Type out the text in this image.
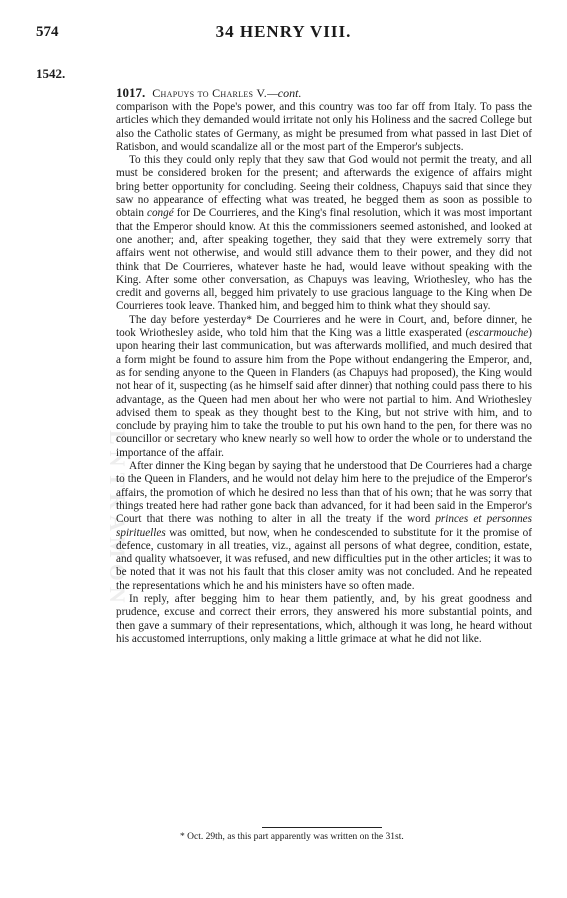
574	34 HENRY VIII.
1542.
1017. Chapuys to Charles V.—cont.
ENTRAMON

comparison with the Pope's power, and this country was too far off from Italy. To pass the articles which they demanded would irritate not only his Holiness and the sacred College but also the Catholic states of Germany, as might be presumed from what passed in last Diet of Ratisbon, and would scandalize all or the most part of the Emperor's subjects.

To this they could only reply that they saw that God would not permit the treaty, and all must be considered broken for the present; and afterwards the exigence of affairs might bring better opportunity for concluding. Seeing their coldness, Chapuys said that since they saw no appearance of effecting what was treated, he begged them as soon as possible to obtain congé for De Courrieres, and the King's final resolution, which it was most important that the Emperor should know. At this the commissioners seemed astonished, and looked at one another; and, after speaking together, they said that they were extremely sorry that affairs went not otherwise, and would still advance them to their power, and they did not think that De Courrieres, whatever haste he had, would leave without speaking with the King. After some other conversation, as Chapuys was leaving, Wriothesley, who has the credit and governs all, begged him privately to use gracious language to the King when De Courrieres took leave. Thanked him, and begged him to think what they should say.

The day before yesterday* De Courrieres and he were in Court, and, before dinner, he took Wriothesley aside, who told him that the King was a little exasperated (escarmouche) upon hearing their last communication, but was afterwards mollified, and much desired that a form might be found to assure him from the Pope without endangering the Emperor, and, as for sending anyone to the Queen in Flanders (as Chapuys had proposed), the King would not hear of it, suspecting (as he himself said after dinner) that nothing could pass there to his advantage, as the Queen had men about her who were not partial to him. And Wriothesley advised them to speak as they thought best to the King, but not strive with him, and to conclude by praying him to take the trouble to put his own hand to the pen, for there was no councillor or secretary who knew nearly so well how to order the whole or to understand the importance of the affair.

After dinner the King began by saying that he understood that De Courrieres had a charge to the Queen in Flanders, and he would not delay him here to the prejudice of the Emperor's affairs, the promotion of which he desired no less than that of his own; that he was sorry that things treated here had rather gone back than advanced, for it had been said in the Emperor's Court that there was nothing to alter in all the treaty if the word princes et personnes spirituelles was omitted, but now, when he condescended to substitute for it the promise of defence, customary in all treaties, viz., against all persons of what degree, condition, estate, and quality whatsoever, it was refused, and new difficulties put in the other articles; it was to be noted that it was not his fault that this closer amity was not concluded. And he repeated the representations which he and his ministers have so often made.

In reply, after begging him to hear them patiently, and, by his great goodness and prudence, excuse and correct their errors, they answered his more substantial points, and then gave a summary of their representations, which, although it was long, he heard without his accustomed interruptions, only making a little grimace at what he did not like.

* Oct. 29th, as this part apparently was written on the 31st.
